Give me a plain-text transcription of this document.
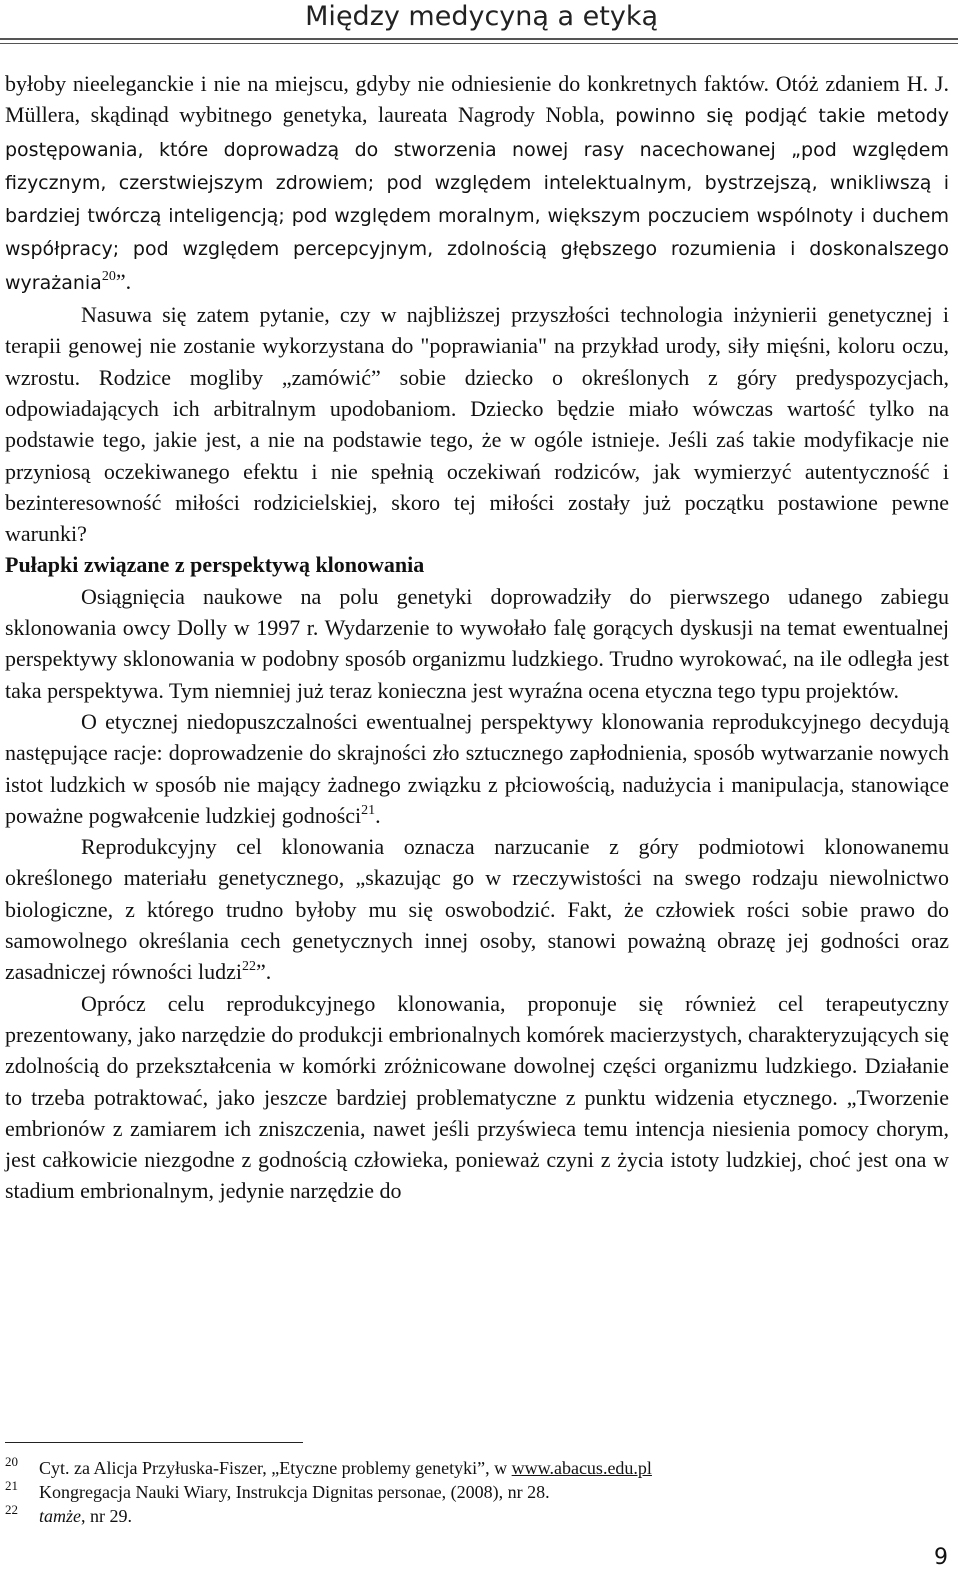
Między medycyną a etyką

byłoby nieeleganckie i nie na miejscu, gdyby nie odniesienie do konkretnych faktów. Otóż zdaniem H. J. Müllera, skądinąd wybitnego genetyka, laureata Nagrody Nobla, powinno się podjąć takie metody postępowania, które doprowadzą do stworzenia nowej rasy nacechowanej „pod względem fizycznym, czerstwiejszym zdrowiem; pod względem intelektualnym, bystrzejszą, wnikliwszą i bardziej twórczą inteligencją; pod względem moralnym, większym poczuciem wspólnoty i duchem współpracy; pod względem percepcyjnym, zdolnością głębszego rozumienia i doskonalszego wyrażania$^{20}$”.

Nasuwa się zatem pytanie, czy w najbliższej przyszłości technologia inżynierii genetycznej i terapii genowej nie zostanie wykorzystana do "poprawiania" na przykład urody, siły mięśni, koloru oczu, wzrostu. Rodzice mogliby „zamówić” sobie dziecko o określonych z góry predyspozycjach, odpowiadających ich arbitralnym upodobaniom. Dziecko będzie miało wówczas wartość tylko na podstawie tego, jakie jest, a nie na podstawie tego, że w ogóle istnieje. Jeśli zaś takie modyfikacje nie przyniosą oczekiwanego efektu i nie spełnią oczekiwań rodziców, jak wymierzyć autentyczność i bezinteresowność miłości rodzicielskiej, skoro tej miłości zostały już początku postawione pewne warunki?

Pułapki związane z perspektywą klonowania

Osiągnięcia naukowe na polu genetyki doprowadziły do pierwszego udanego zabiegu sklonowania owcy Dolly w 1997 r. Wydarzenie to wywołało falę gorących dyskusji na temat ewentualnej perspektywy sklonowania w podobny sposób organizmu ludzkiego. Trudno wyrokować, na ile odległa jest taka perspektywa. Tym niemniej już teraz konieczna jest wyraźna ocena etyczna tego typu projektów.

O etycznej niedopuszczalności ewentualnej perspektywy klonowania reprodukcyjnego decydują następujące racje: doprowadzenie do skrajności zło sztucznego zapłodnienia, sposób wytwarzanie nowych istot ludzkich w sposób nie mający żadnego związku z płciowością, nadużycia i manipulacja, stanowiące poważne pogwałcenie ludzkiej godności$^{21}$.

Reprodukcyjny cel klonowania oznacza narzucanie z góry podmiotowi klonowanemu określonego materiału genetycznego, „skazując go w rzeczywistości na swego rodzaju niewolnictwo biologiczne, z którego trudno byłoby mu się oswobodzić. Fakt, że człowiek rości sobie prawo do samowolnego określania cech genetycznych innej osoby, stanowi poważną obrazę jej godności oraz zasadniczej równości ludzi$^{22}$”.

Oprócz celu reprodukcyjnego klonowania, proponuje się również cel terapeutyczny prezentowany, jako narzędzie do produkcji embrionalnych komórek macierzystych, charakteryzujących się zdolnością do przekształcenia w komórki zróżnicowane dowolnej części organizmu ludzkiego. Działanie to trzeba potraktować, jako jeszcze bardziej problematyczne z punktu widzenia etycznego. „Tworzenie embrionów z zamiarem ich zniszczenia, nawet jeśli przyświeca temu intencja niesienia pomocy chorym, jest całkowicie niezgodne z godnością człowieka, ponieważ czyni z życia istoty ludzkiej, choć jest ona w stadium embrionalnym, jedynie narzędzie do

20 Cyt. za Alicja Przyłuska-Fiszer, „Etyczne problemy genetyki”, w www.abacus.edu.pl
21 Kongregacja Nauki Wiary, Instrukcja Dignitas personae, (2008), nr 28.
22 tamże, nr 29.
9
